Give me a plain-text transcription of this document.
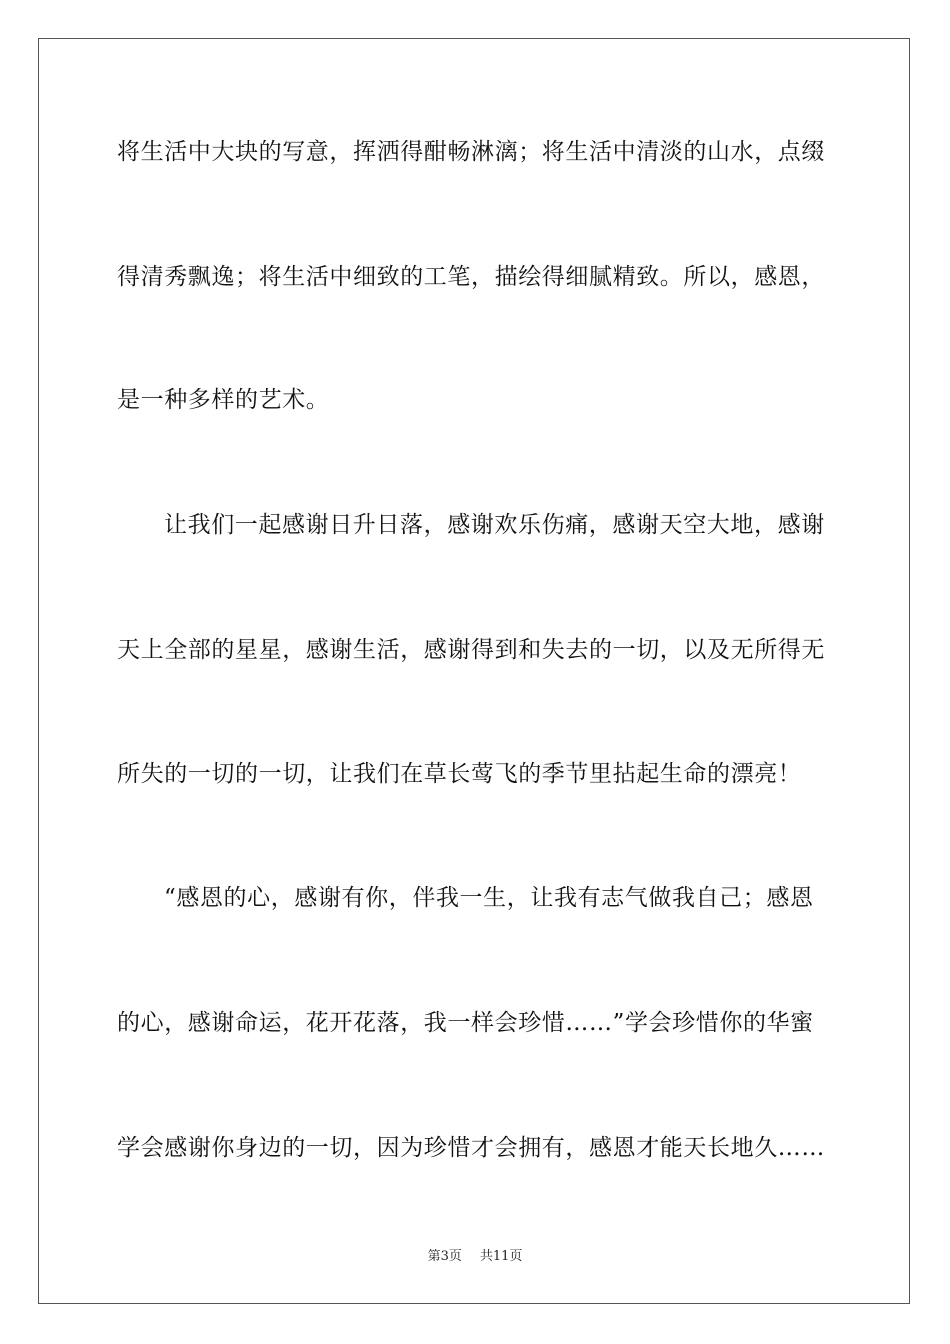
将生活中大块的写意，挥洒得酣畅淋漓；将生活中清淡的山水，点缀
得清秀飘逸；将生活中细致的工笔，描绘得细腻精致。所以，感恩，
是一种多样的艺术。
让我们一起感谢日升日落，感谢欢乐伤痛，感谢天空大地，感谢
天上全部的星星，感谢生活，感谢得到和失去的一切，以及无所得无
所失的一切的一切，让我们在草长莺飞的季节里拈起生命的漂亮！
“感恩的心，感谢有你，伴我一生，让我有志气做我自己；感恩
的心，感谢命运，花开花落，我一样会珍惜……”学会珍惜你的华蜜
学会感谢你身边的一切，因为珍惜才会拥有，感恩才能天长地久……
第3页 共11页
